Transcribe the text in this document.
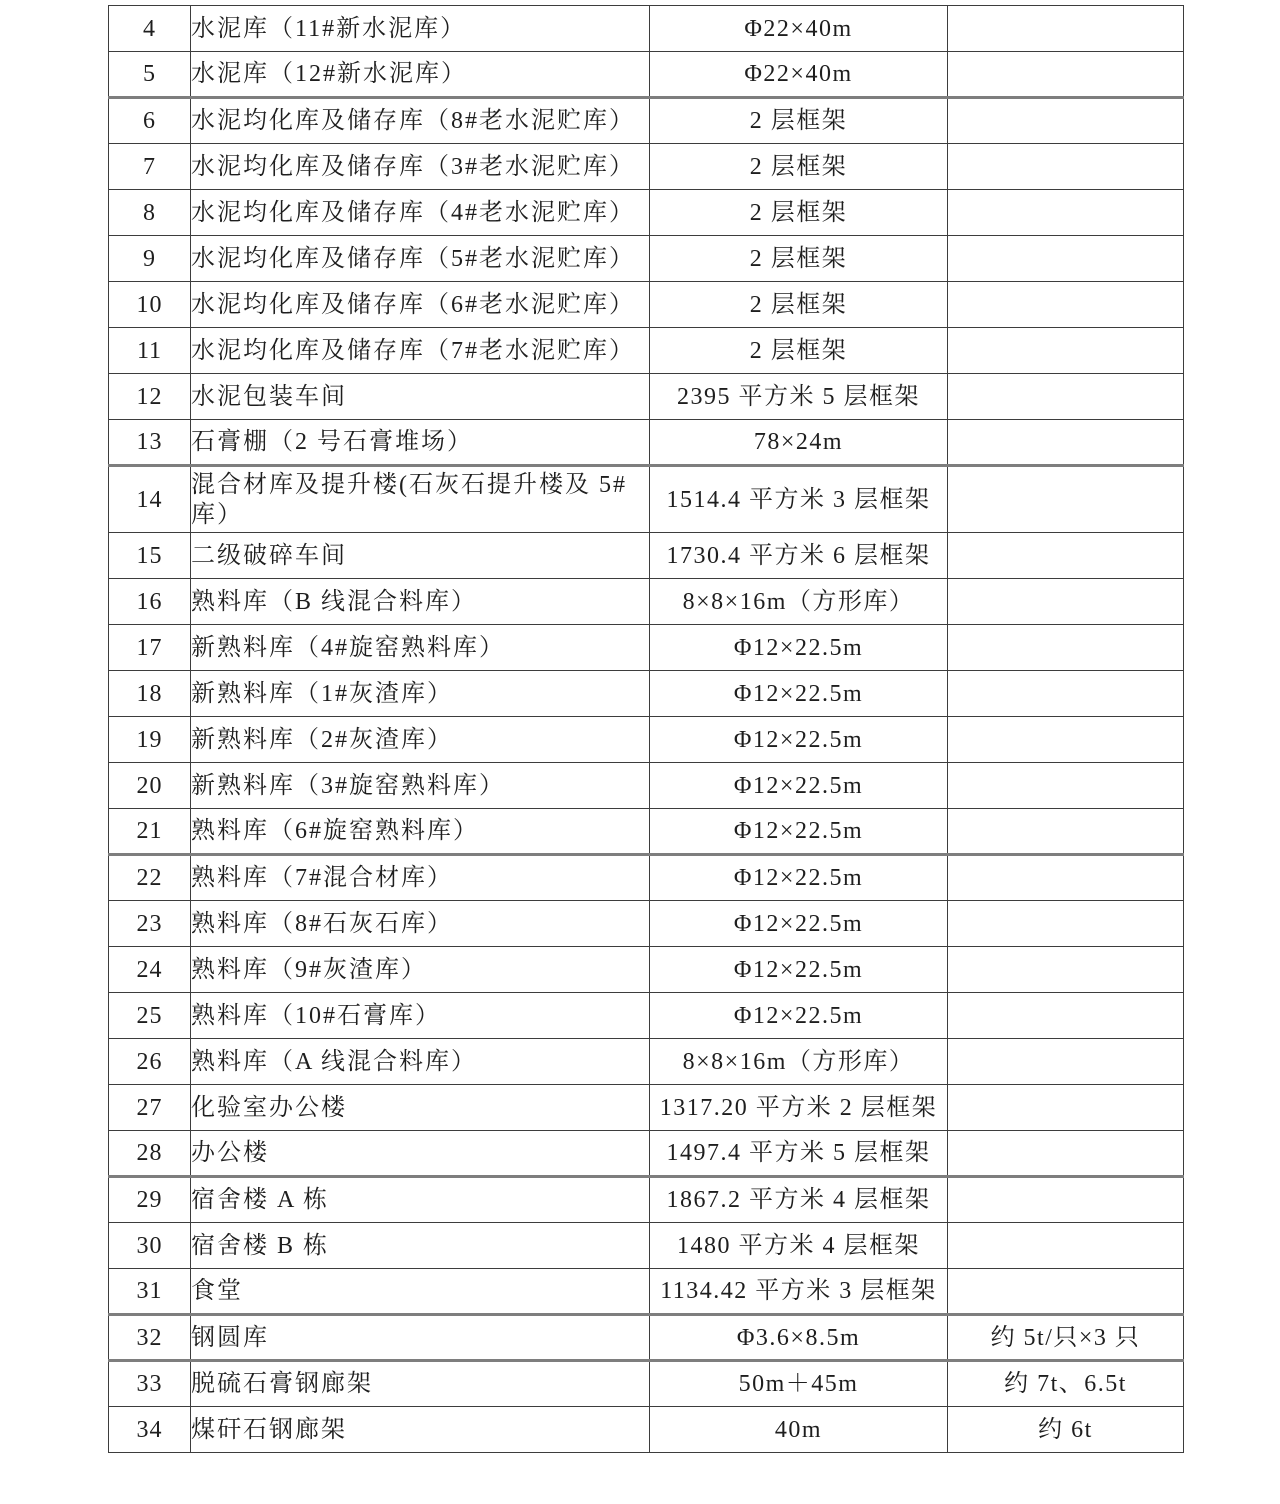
4	水泥库（11#新水泥库）	Φ22×40m	
5	水泥库（12#新水泥库）	Φ22×40m	
6	水泥均化库及储存库（8#老水泥贮库）	2 层框架	
7	水泥均化库及储存库（3#老水泥贮库）	2 层框架	
8	水泥均化库及储存库（4#老水泥贮库）	2 层框架	
9	水泥均化库及储存库（5#老水泥贮库）	2 层框架	
10	水泥均化库及储存库（6#老水泥贮库）	2 层框架	
11	水泥均化库及储存库（7#老水泥贮库）	2 层框架	
12	水泥包装车间	2395 平方米 5 层框架	
13	石膏棚（2 号石膏堆场）	78×24m	
14	混合材库及提升楼(石灰石提升楼及 5#库）	1514.4 平方米 3 层框架	
15	二级破碎车间	1730.4 平方米 6 层框架	
16	熟料库（B 线混合料库）	8×8×16m（方形库）	
17	新熟料库（4#旋窑熟料库）	Φ12×22.5m	
18	新熟料库（1#灰渣库）	Φ12×22.5m	
19	新熟料库（2#灰渣库）	Φ12×22.5m	
20	新熟料库（3#旋窑熟料库）	Φ12×22.5m	
21	熟料库（6#旋窑熟料库）	Φ12×22.5m	
22	熟料库（7#混合材库）	Φ12×22.5m	
23	熟料库（8#石灰石库）	Φ12×22.5m	
24	熟料库（9#灰渣库）	Φ12×22.5m	
25	熟料库（10#石膏库）	Φ12×22.5m	
26	熟料库（A 线混合料库）	8×8×16m（方形库）	
27	化验室办公楼	1317.20 平方米 2 层框架	
28	办公楼	1497.4 平方米 5 层框架	
29	宿舍楼 A 栋	1867.2 平方米 4 层框架	
30	宿舍楼 B 栋	1480 平方米 4 层框架	
31	食堂	1134.42 平方米 3 层框架	
32	钢圆库	Φ3.6×8.5m	约 5t/只×3 只
33	脱硫石膏钢廊架	50m＋45m	约 7t、6.5t
34	煤矸石钢廊架	40m	约 6t
